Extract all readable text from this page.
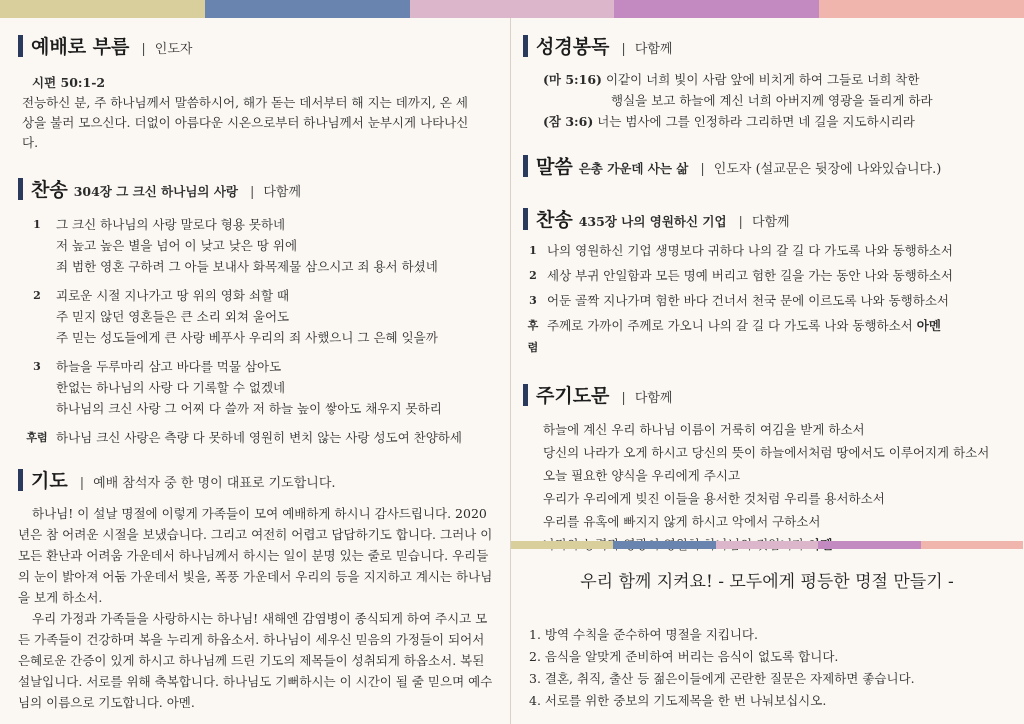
예배로 부름 | 인도자
시편 50:1-2
전능하신 분, 주 하나님께서 말씀하시어, 해가 돋는 데서부터 해 지는 데까지, 온 세상을 불러 모으신다. 더없이 아름다운 시온으로부터 하나님께서 눈부시게 나타나신다.
찬송 304장 그 크신 하나님의 사랑 | 다함께
1	그 크신 하나님의 사랑 말로다 형용 못하네
저 높고 높은 별을 넘어 이 낮고 낮은 땅 위에
죄 범한 영혼 구하려 그 아들 보내사 화목제물 삼으시고 죄 용서 하셨네
2	괴로운 시절 지나가고 땅 위의 영화 쇠할 때
주 믿지 않던 영혼들은 큰 소리 외쳐 울어도
주 믿는 성도들에게 큰 사랑 베푸사 우리의 죄 사했으니 그 은혜 잊을까
3	하늘을 두루마리 삼고 바다를 먹물 삼아도
한없는 하나님의 사랑 다 기록할 수 없겠네
하나님의 크신 사랑 그 어찌 다 쓸까 저 하늘 높이 쌓아도 채우지 못하리
후렴 하나님 크신 사랑은 측량 다 못하네 영원히 변치 않는 사랑 성도여 찬양하세
기도 | 예배 참석자 중 한 명이 대표로 기도합니다.

하나님! 이 설날 명절에 이렇게 가족들이 모여 예배하게 하시니 감사드립니다. 2020년은 참 어려운 시절을 보냈습니다. 그리고 여전히 어렵고 답답하기도 합니다. 그러나 이 모든 환난과 어려움 가운데서 하나님께서 하시는 일이 분명 있는 줄로 믿습니다. 우리들의 눈이 밝아져 어둠 가운데서 빛을, 폭풍 가운데서 우리의 등을 지지하고 계시는 하나님을 보게 하소서.

우리 가정과 가족들을 사랑하시는 하나님! 새해엔 감염병이 종식되게 하여 주시고 모든 가족들이 건강하며 복을 누리게 하옵소서. 하나님이 세우신 믿음의 가정들이 되어서 은혜로운 간증이 있게 하시고 하나님께 드린 기도의 제목들이 성취되게 하옵소서. 복된 설날입니다. 서로를 위해 축복합니다. 하나님도 기뻐하시는 이 시간이 될 줄 믿으며 예수님의 이름으로 기도합니다. 아멘.

성경봉독 | 다함께
(마 5:16) 이같이 너희 빛이 사람 앞에 비치게 하여 그들로 너희 착한
행실을 보고 하늘에 계신 너희 아버지께 영광을 돌리게 하라
(잠 3:6) 너는 범사에 그를 인정하라 그리하면 네 길을 지도하시리라
말씀 은총 가운데 사는 삶 | 인도자 (설교문은 뒷장에 나와있습니다.)
찬송 435장 나의 영원하신 기업 | 다함께
1 나의 영원하신 기업 생명보다 귀하다 나의 갈 길 다 가도록 나와 동행하소서
2 세상 부귀 안일함과 모든 명예 버리고 험한 길을 가는 동안 나와 동행하소서
3 어둔 골짝 지나가며 험한 바다 건너서 천국 문에 이르도록 나와 동행하소서
후렴
주께로 가까이 주께로 가오니 나의 갈 길 다 가도록 나와 동행하소서 아멘
주기도문 | 다함께
하늘에 계신 우리 하나님 이름이 거룩히 여김을 받게 하소서
당신의 나라가 오게 하시고 당신의 뜻이 하늘에서처럼 땅에서도 이루어지게 하소서
오늘 필요한 양식을 우리에게 주시고
우리가 우리에게 빚진 이들을 용서한 것처럼 우리를 용서하소서
우리를 유혹에 빠지지 않게 하시고 악에서 구하소서
우리 함께 지켜요! - 모두에게 평등한 명절 만들기 -
1. 방역 수칙을 준수하여 명절을 지킵니다.
2. 음식을 알맞게 준비하여 버리는 음식이 없도록 합니다.
3. 결혼, 취직, 출산 등 젊은이들에게 곤란한 질문은 자제하면 좋습니다.
4. 서로를 위한 중보의 기도제목을 한 번 나눠보십시오.
